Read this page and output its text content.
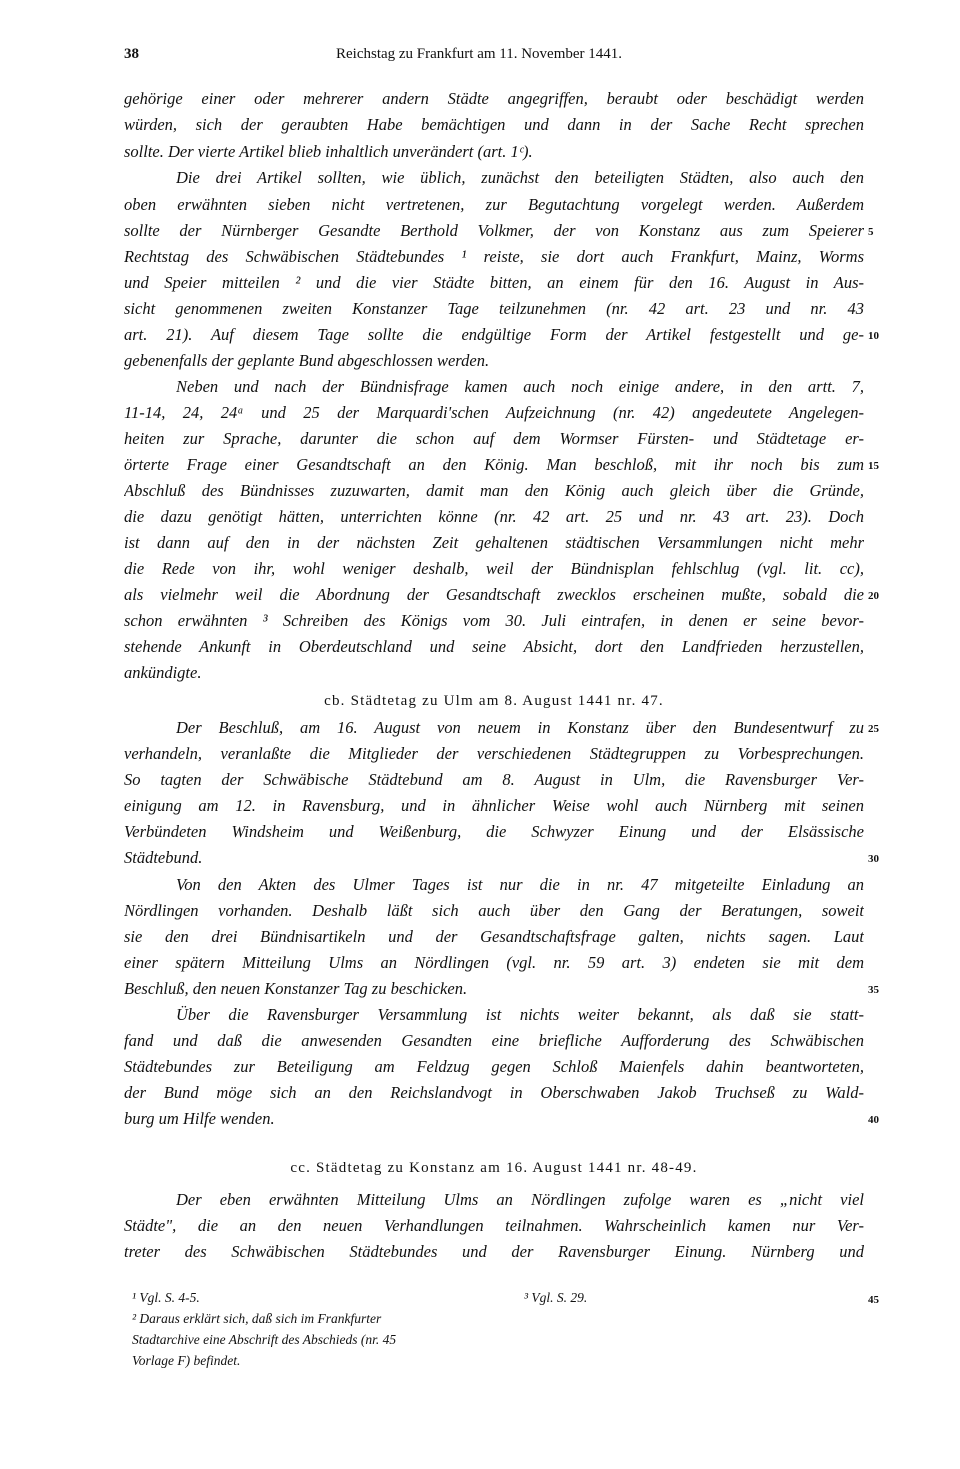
38	Reichstag zu Frankfurt am 11. November 1441.
gehörige einer oder mehrerer andern Städte angegriffen, beraubt oder beschädigt werden
würden, sich der geraubten Habe bemächtigen und dann in der Sache Recht sprechen
sollte. Der vierte Artikel blieb inhaltlich unverändert (art. 1ᶜ).
Die drei Artikel sollten, wie üblich, zunächst den beteiligten Städten, also auch den
oben erwähnten sieben nicht vertretenen, zur Begutachtung vorgelegt werden. Außerdem
sollte der Nürnberger Gesandte Berthold Volkmer, der von Konstanz aus zum Speierer
Rechtstag des Schwäbischen Städtebundes ¹ reiste, sie dort auch Frankfurt, Mainz, Worms
und Speier mitteilen ² und die vier Städte bitten, an einem für den 16. August in Aus-
sicht genommenen zweiten Konstanzer Tage teilzunehmen (nr. 42 art. 23 und nr. 43
art. 21). Auf diesem Tage sollte die endgültige Form der Artikel festgestellt und ge-
gebenenfalls der geplante Bund abgeschlossen werden.
Neben und nach der Bündnisfrage kamen auch noch einige andere, in den artt. 7,
11-14, 24, 24ᵃ und 25 der Marquardi'schen Aufzeichnung (nr. 42) angedeutete Angelegen-
heiten zur Sprache, darunter die schon auf dem Wormser Fürsten- und Städtetage er-
örterte Frage einer Gesandtschaft an den König. Man beschloß, mit ihr noch bis zum
Abschluß des Bündnisses zuzuwarten, damit man den König auch gleich über die Gründe,
die dazu genötigt hätten, unterrichten könne (nr. 42 art. 25 und nr. 43 art. 23). Doch
ist dann auf den in der nächsten Zeit gehaltenen städtischen Versammlungen nicht mehr
die Rede von ihr, wohl weniger deshalb, weil der Bündnisplan fehlschlug (vgl. lit. cc),
als vielmehr weil die Abordnung der Gesandtschaft zwecklos erscheinen mußte, sobald die
schon erwähnten ³ Schreiben des Königs vom 30. Juli eintrafen, in denen er seine bevor-
stehende Ankunft in Oberdeutschland und seine Absicht, dort den Landfrieden herzustellen,
ankündigte.
cb. Städtetag zu Ulm am 8. August 1441 nr. 47.
Der Beschluß, am 16. August von neuem in Konstanz über den Bundesentwurf zu
verhandeln, veranlaßte die Mitglieder der verschiedenen Städtegruppen zu Vorbesprechungen.
So tagten der Schwäbische Städtebund am 8. August in Ulm, die Ravensburger Ver-
einigung am 12. in Ravensburg, und in ähnlicher Weise wohl auch Nürnberg mit seinen
Verbündeten Windsheim und Weißenburg, die Schwyzer Einung und der Elsässische
Städtebund.
Von den Akten des Ulmer Tages ist nur die in nr. 47 mitgeteilte Einladung an
Nördlingen vorhanden. Deshalb läßt sich auch über den Gang der Beratungen, soweit
sie den drei Bündnisartikeln und der Gesandtschaftsfrage galten, nichts sagen. Laut
einer spätern Mitteilung Ulms an Nördlingen (vgl. nr. 59 art. 3) endeten sie mit dem
Beschluß, den neuen Konstanzer Tag zu beschicken.
Über die Ravensburger Versammlung ist nichts weiter bekannt, als daß sie statt-
fand und daß die anwesenden Gesandten eine briefliche Aufforderung des Schwäbischen
Städtebundes zur Beteiligung am Feldzug gegen Schloß Maienfels dahin beantworteten,
der Bund möge sich an den Reichslandvogt in Oberschwaben Jakob Truchseß zu Wald-
burg um Hilfe wenden.
cc. Städtetag zu Konstanz am 16. August 1441 nr. 48-49.
Der eben erwähnten Mitteilung Ulms an Nördlingen zufolge waren es „nicht viel
Städte", die an den neuen Verhandlungen teilnahmen. Wahrscheinlich kamen nur Ver-
treter des Schwäbischen Städtebundes und der Ravensburger Einung. Nürnberg und
5
10
15
20
25
30
35
40
45
¹ Vgl. S. 4-5.
² Daraus erklärt sich, daß sich im Frankfurter
Stadtarchive eine Abschrift des Abschieds (nr. 45
Vorlage F) befindet.
³ Vgl. S. 29.
